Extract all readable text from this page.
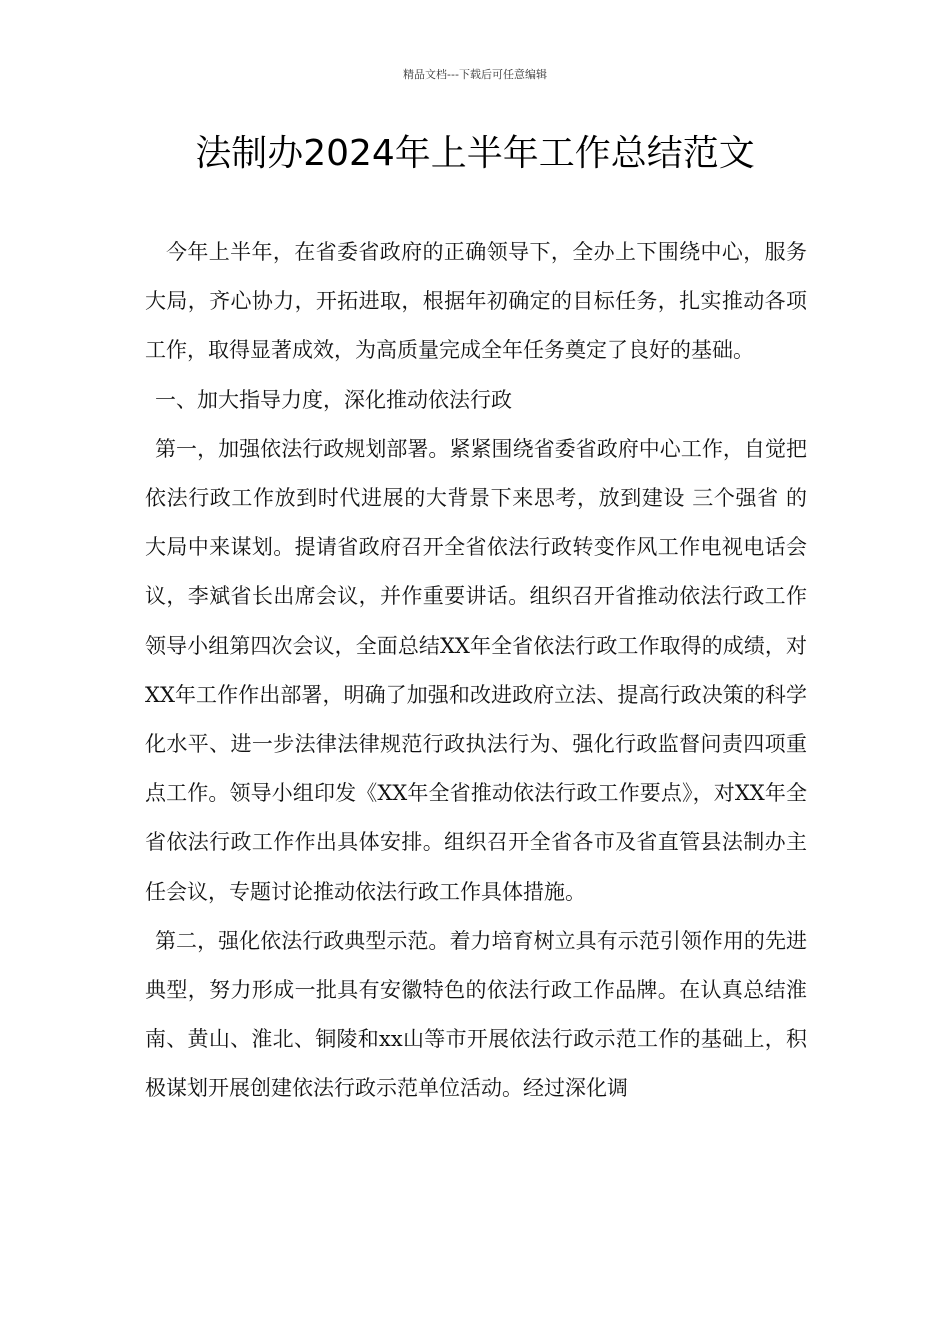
精品文档---下载后可任意编辑
法制办2024年上半年工作总结范文

今年上半年，在省委省政府的正确领导下，全办上下围绕中心，服务大局，齐心协力，开拓进取，根据年初确定的目标任务，扎实推动各项工作，取得显著成效，为高质量完成全年任务奠定了良好的基础。

一、加大指导力度，深化推动依法行政

第一，加强依法行政规划部署。紧紧围绕省委省政府中心工作，自觉把依法行政工作放到时代进展的大背景下来思考，放到建设 三个强省 的大局中来谋划。提请省政府召开全省依法行政转变作风工作电视电话会议，李斌省长出席会议，并作重要讲话。组织召开省推动依法行政工作领导小组第四次会议，全面总结XX年全省依法行政工作取得的成绩，对XX年工作作出部署，明确了加强和改进政府立法、提高行政决策的科学化水平、进一步法律法律规范行政执法行为、强化行政监督问责四项重点工作。领导小组印发《XX年全省推动依法行政工作要点》，对XX年全省依法行政工作作出具体安排。组织召开全省各市及省直管县法制办主任会议，专题讨论推动依法行政工作具体措施。

第二，强化依法行政典型示范。着力培育树立具有示范引领作用的先进典型，努力形成一批具有安徽特色的依法行政工作品牌。在认真总结淮南、黄山、淮北、铜陵和xx山等市开展依法行政示范工作的基础上，积极谋划开展创建依法行政示范单位活动。经过深化调
